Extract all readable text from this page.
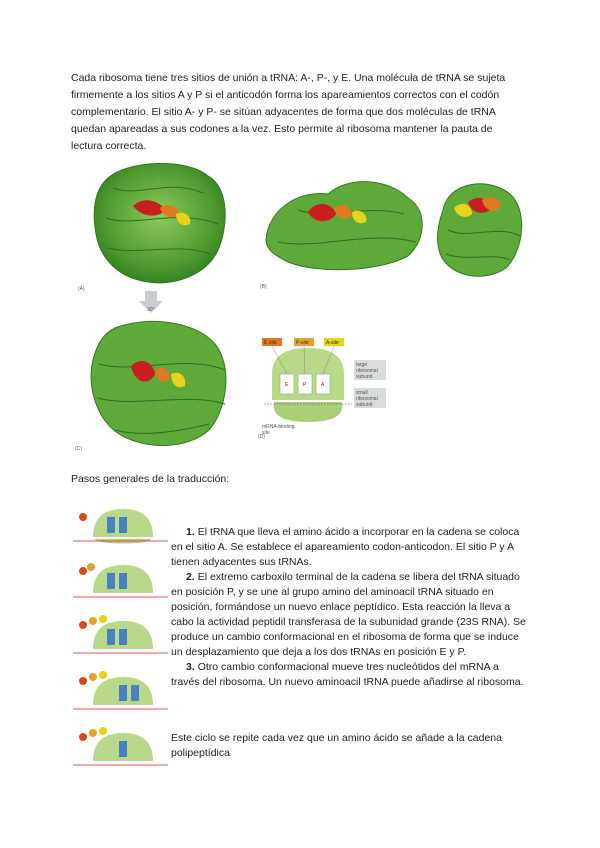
Cada ribosoma tiene tres sitios de unión a tRNA: A-, P-, y E. Una molécula de tRNA se sujeta firmemente a los sitios A y P si el anticodón forma los apareamientos correctos con el codón complementario. El sitio A- y P- se sitúan adyacentes de forma que dos moléculas de tRNA quedan apareadas a sus codones a la vez. Esto permite al ribosoma mantener la pauta de lectura correcta.

(A)	(B)
90°
(C)
E-site	P-site	A-site
E	P	A
large ribosomal subunit
small ribosomal subunit
mRNA-binding site
(D)

Pasos generales de la traducción:

1. El tRNA que lleva el amino ácido a incorporar en la cadena se coloca en el sitio A. Se establece el apareamiento codon-anticodon. El sitio P y A tienen adyacentes sus tRNAs.

2. El extremo carboxilo terminal de la cadena se libera del tRNA situado en posición P, y se une al grupo amino del aminoacil tRNA situado en posición, formándose un nuevo enlace peptídico. Esta reacción la lleva a cabo la actividad peptidil transferasa de la subunidad grande (23S RNA). Se produce un cambio conformacional en el ribosoma de forma que se induce un desplazamiento que deja a los dos tRNAs en posición E y P.

3. Otro cambio conformacional mueve tres nucleótidos del mRNA a través del ribosoma. Un nuevo aminoacil tRNA puede añadirse al ribosoma.

Este ciclo se repite cada vez que un amino ácido se añade a la cadena polipeptídica
